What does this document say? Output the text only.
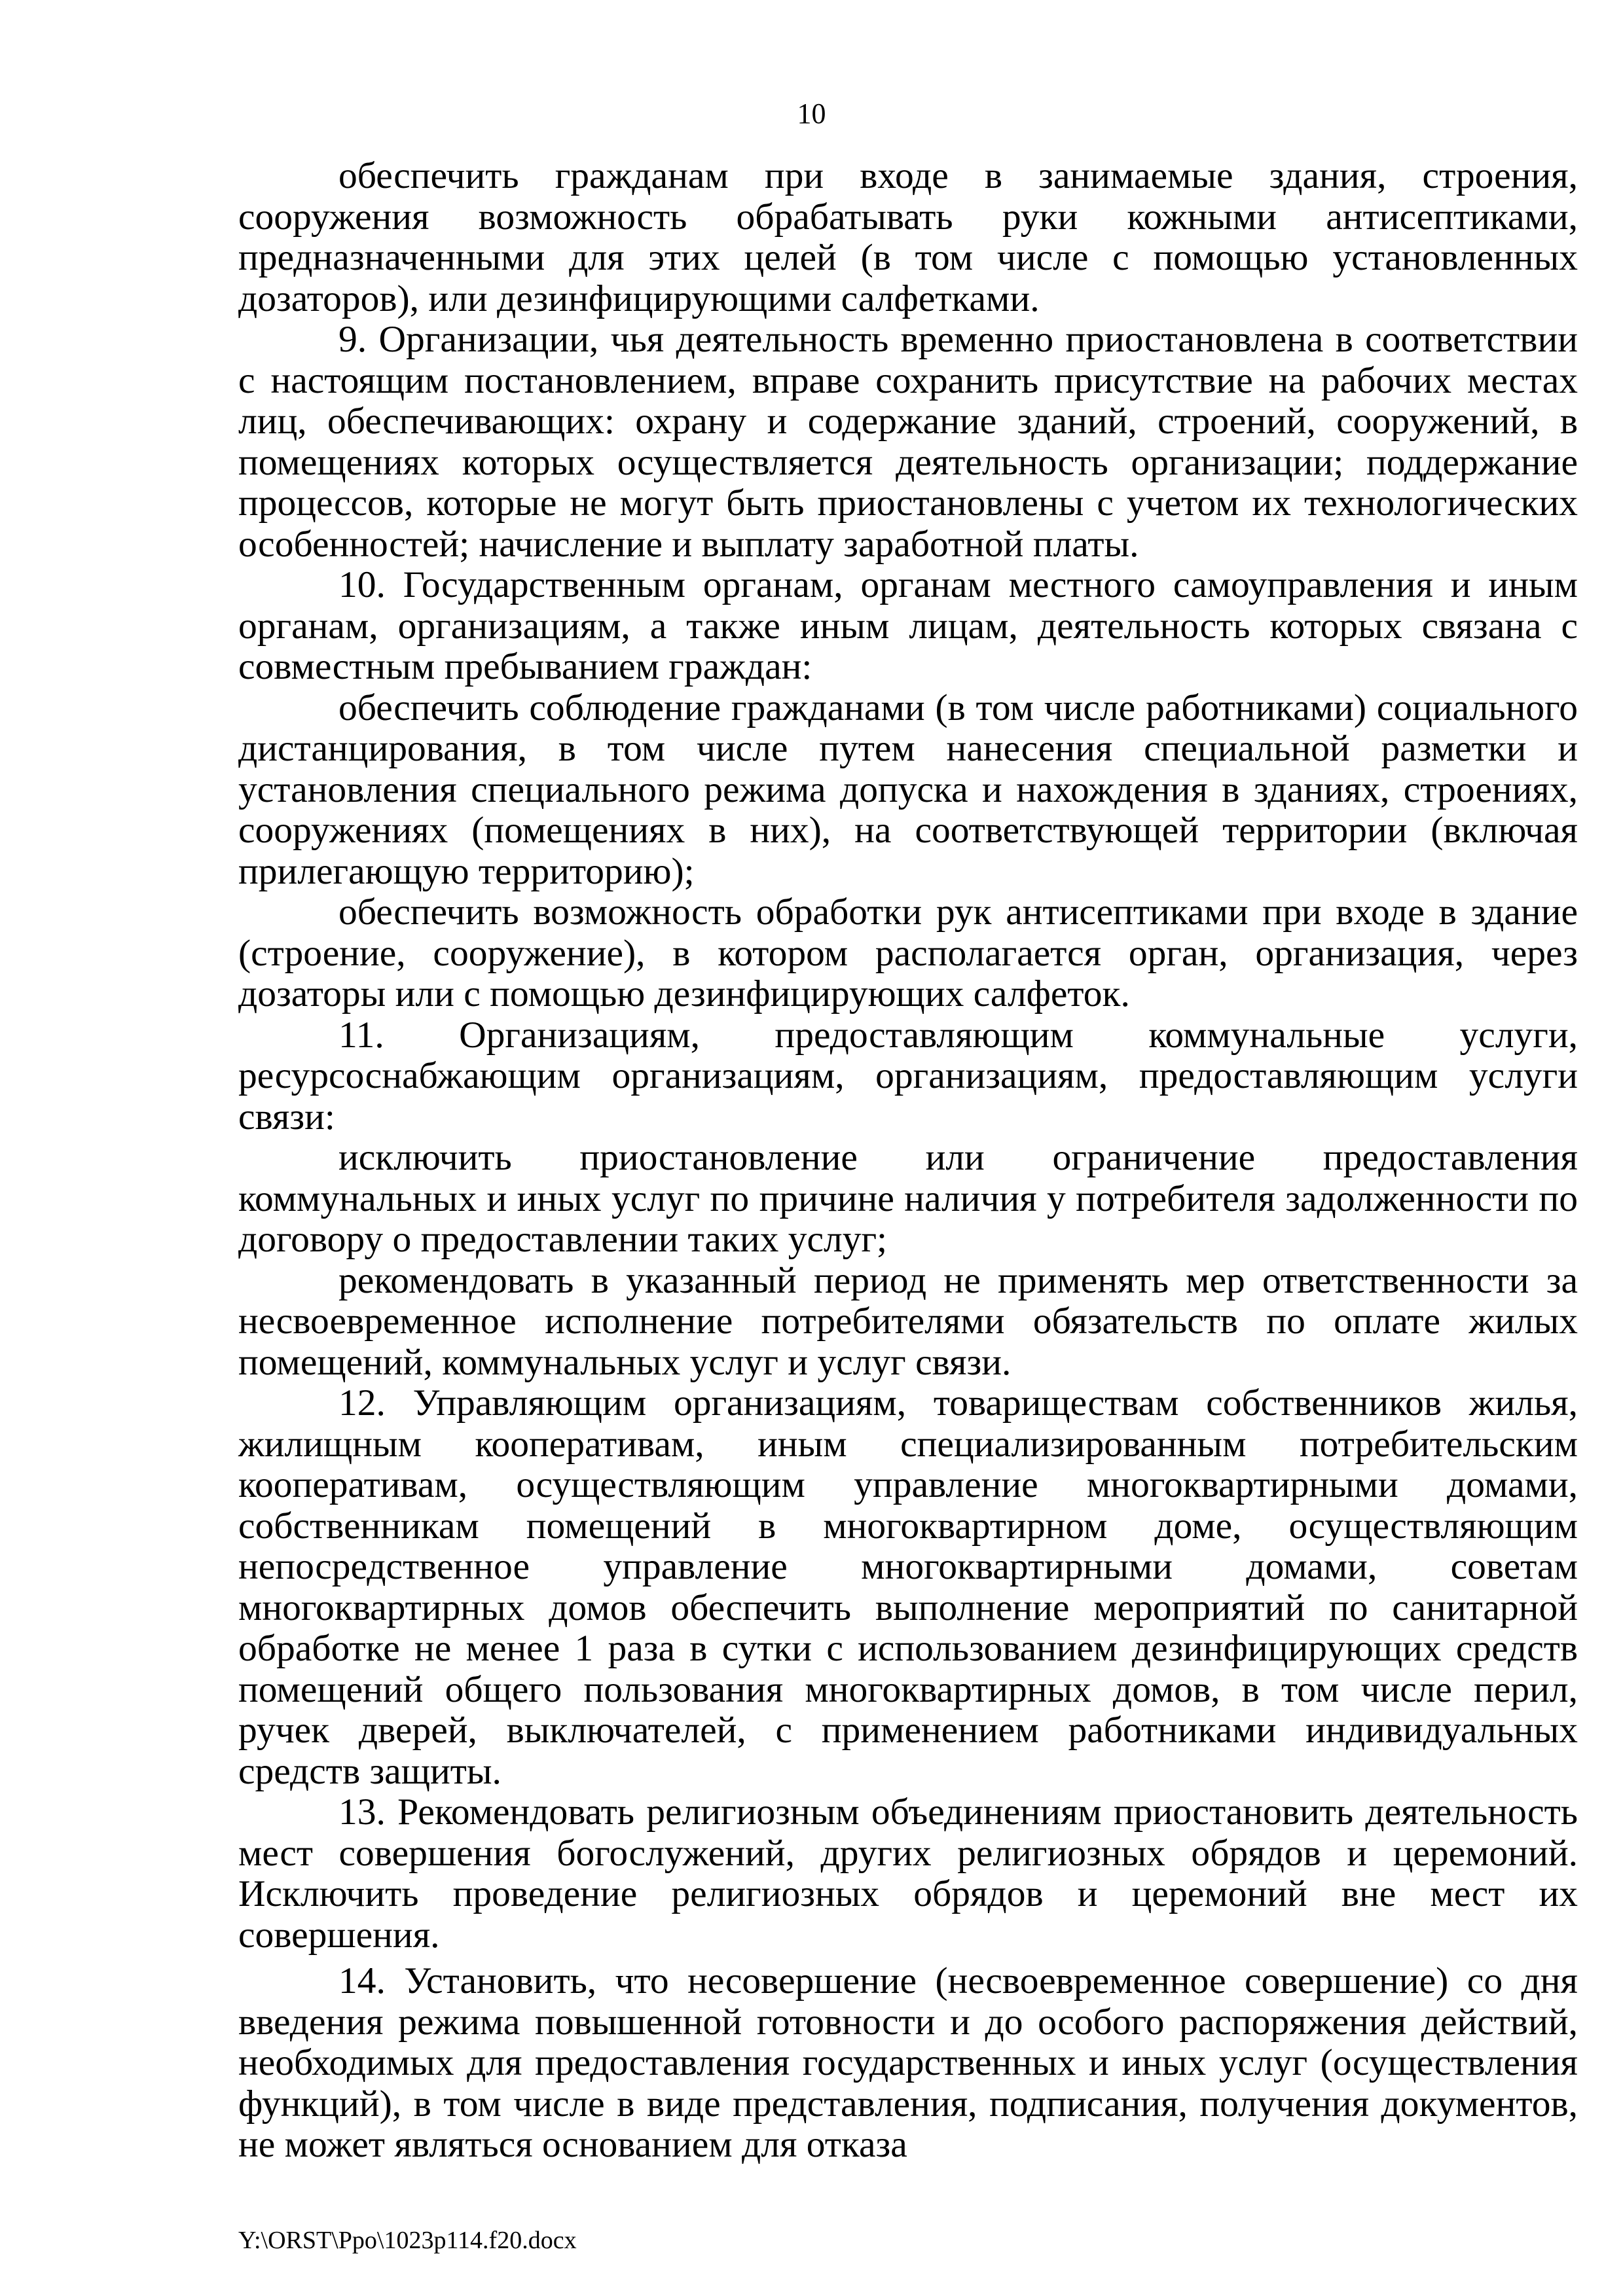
10

обеспечить гражданам при входе в занимаемые здания, строения, сооружения возможность обрабатывать руки кожными антисептиками, предназначенными для этих целей (в том числе с помощью установленных дозаторов), или дезинфицирующими салфетками.

9. Организации, чья деятельность временно приостановлена в соответствии с настоящим постановлением, вправе сохранить присутствие на рабочих местах лиц, обеспечивающих: охрану и содержание зданий, строений, сооружений, в помещениях которых осуществляется деятельность организации; поддержание процессов, которые не могут быть приостановлены с учетом их технологических особенностей; начисление и выплату заработной платы.

10. Государственным органам, органам местного самоуправления и иным органам, организациям, а также иным лицам, деятельность которых связана с совместным пребыванием граждан:

обеспечить соблюдение гражданами (в том числе работниками) социального дистанцирования, в том числе путем нанесения специальной разметки и установления специального режима допуска и нахождения в зданиях, строениях, сооружениях (помещениях в них), на соответствующей территории (включая прилегающую территорию);

обеспечить возможность обработки рук антисептиками при входе в здание (строение, сооружение), в котором располагается орган, организация, через дозаторы или с помощью дезинфицирующих салфеток.

11. Организациям, предоставляющим коммунальные услуги, ресурсоснабжающим организациям, организациям, предоставляющим услуги связи:

исключить приостановление или ограничение предоставления коммунальных и иных услуг по причине наличия у потребителя задолженности по договору о предоставлении таких услуг;

рекомендовать в указанный период не применять мер ответственности за несвоевременное исполнение потребителями обязательств по оплате жилых помещений, коммунальных услуг и услуг связи.

12. Управляющим организациям, товариществам собственников жилья, жилищным кооперативам, иным специализированным потребительским кооперативам, осуществляющим управление многоквартирными домами, собственникам помещений в многоквартирном доме, осуществляющим непосредственное управление многоквартирными домами, советам многоквартирных домов обеспечить выполнение мероприятий по санитарной обработке не менее 1 раза в сутки с использованием дезинфицирующих средств помещений общего пользования многоквартирных домов, в том числе перил, ручек дверей, выключателей, с применением работниками индивидуальных средств защиты.

13. Рекомендовать религиозным объединениям приостановить деятельность мест совершения богослужений, других религиозных обрядов и церемоний. Исключить проведение религиозных обрядов и церемоний вне мест их совершения.

14. Установить, что несовершение (несвоевременное совершение) со дня введения режима повышенной готовности и до особого распоряжения действий, необходимых для предоставления государственных и иных услуг (осуществления функций), в том числе в виде представления, подписания, получения документов, не может являться основанием для отказа

Y:\ORST\Ppo\1023p114.f20.docx
